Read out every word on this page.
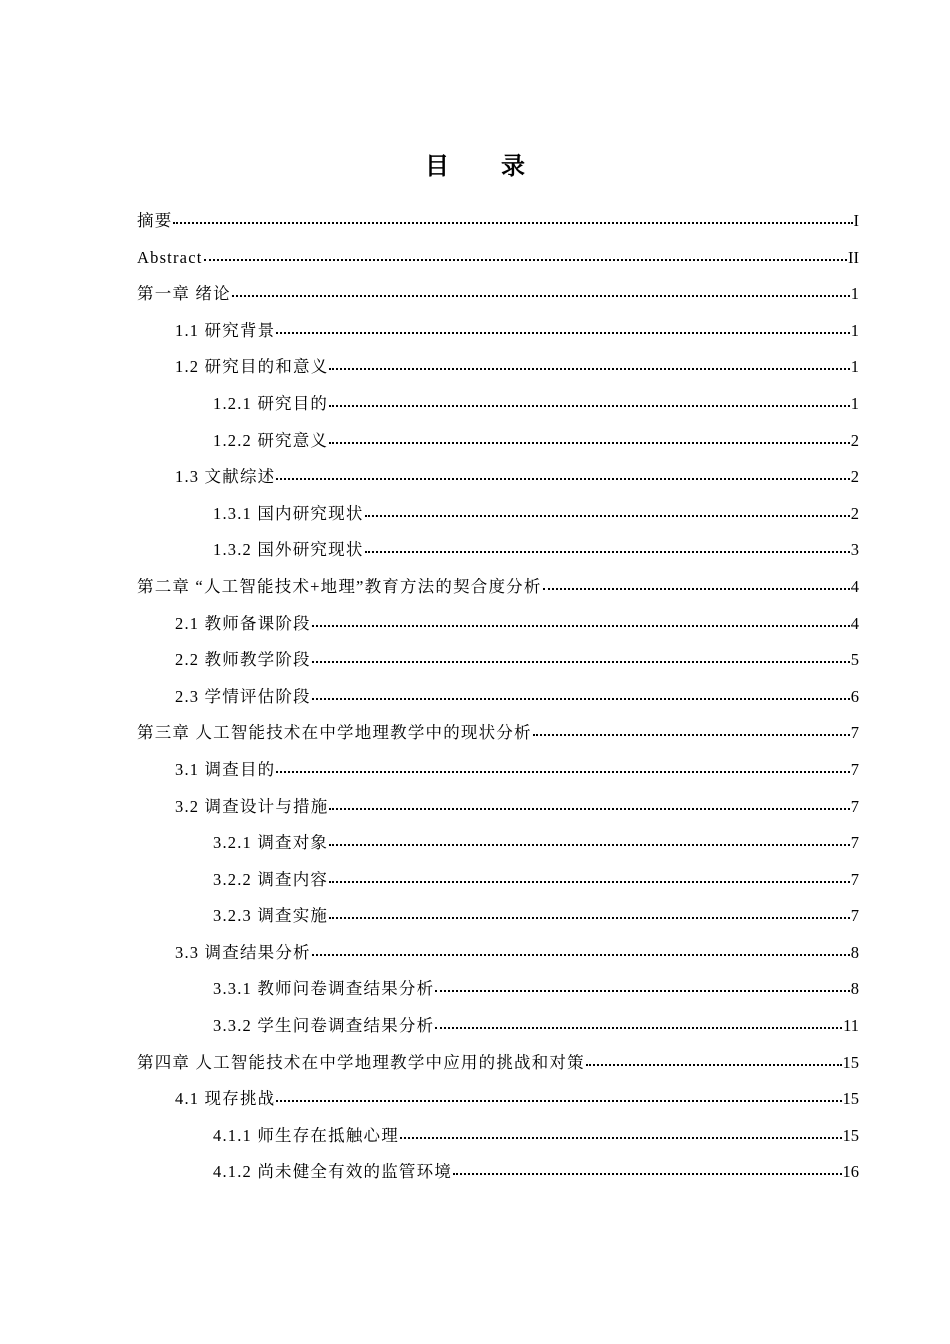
目 录
摘要	I
Abstract	II
第一章 绪论	1
1.1 研究背景	1
1.2 研究目的和意义	1
1.2.1 研究目的	1
1.2.2 研究意义	2
1.3 文献综述	2
1.3.1 国内研究现状	2
1.3.2 国外研究现状	3
第二章 “人工智能技术+地理”教育方法的契合度分析	4
2.1 教师备课阶段	4
2.2 教师教学阶段	5
2.3 学情评估阶段	6
第三章 人工智能技术在中学地理教学中的现状分析	7
3.1 调查目的	7
3.2 调查设计与措施	7
3.2.1 调查对象	7
3.2.2 调查内容	7
3.2.3 调查实施	7
3.3 调查结果分析	8
3.3.1 教师问卷调查结果分析	8
3.3.2 学生问卷调查结果分析	11
第四章 人工智能技术在中学地理教学中应用的挑战和对策	15
4.1 现存挑战	15
4.1.1 师生存在抵触心理	15
4.1.2 尚未健全有效的监管环境	16
